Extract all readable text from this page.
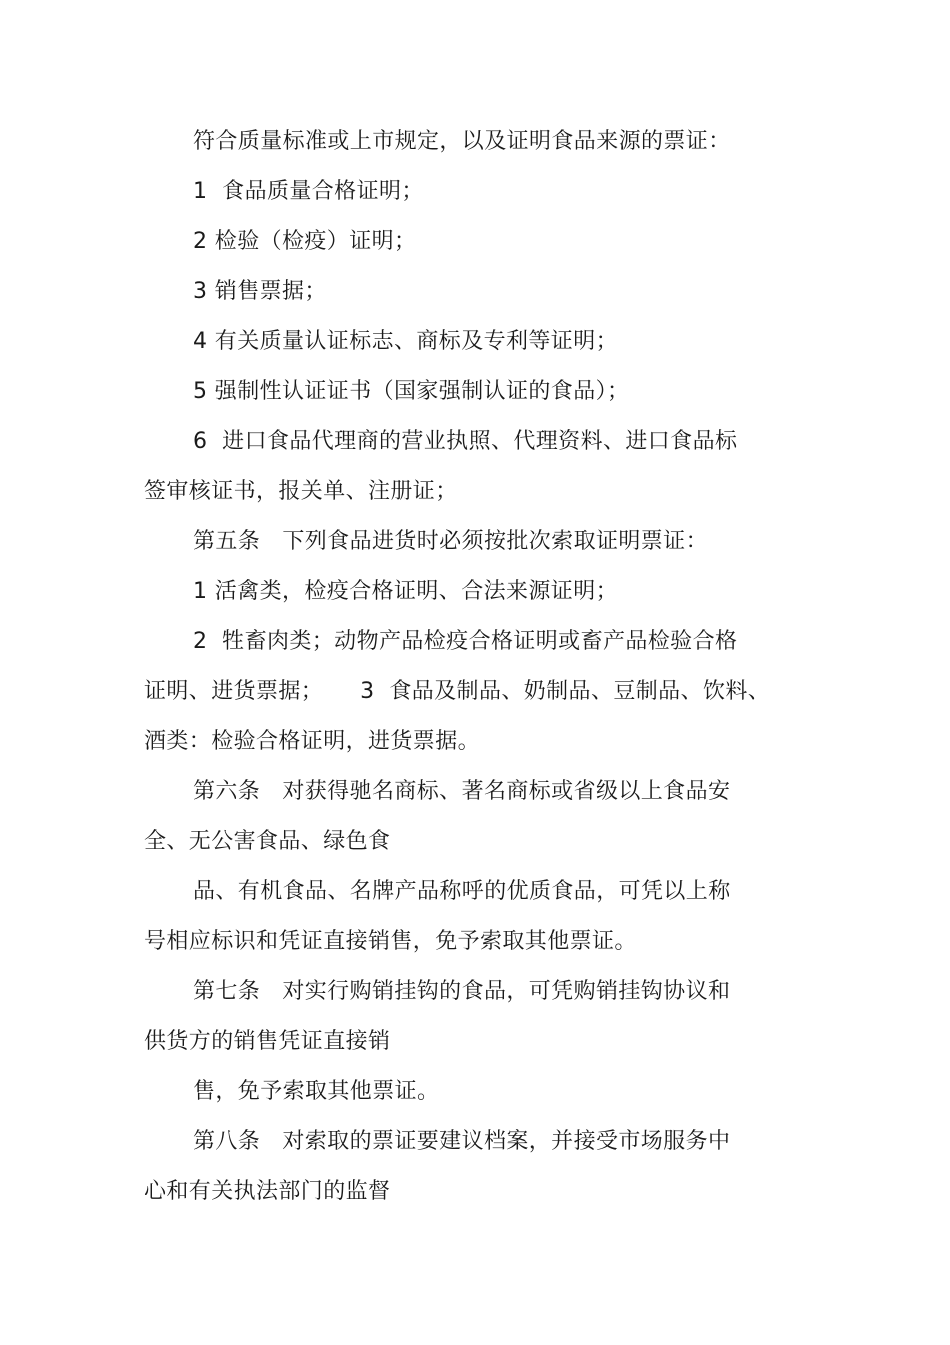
符合质量标准或上市规定，以及证明食品来源的票证：

1  食品质量合格证明；

2 检验（检疫）证明；

3 销售票据；

4 有关质量认证标志、商标及专利等证明；

5 强制性认证证书（国家强制认证的食品）；

6  进口食品代理商的营业执照、代理资料、进口食品标

签审核证书，报关单、注册证；

第五条   下列食品进货时必须按批次索取证明票证：

1 活禽类，检疫合格证明、合法来源证明；

2  牲畜肉类；动物产品检疫合格证明或畜产品检验合格

证明、进货票据；     3  食品及制品、奶制品、豆制品、饮料、

酒类：检验合格证明，进货票据。

第六条   对获得驰名商标、著名商标或省级以上食品安

全、无公害食品、绿色食

品、有机食品、名牌产品称呼的优质食品，可凭以上称

号相应标识和凭证直接销售，免予索取其他票证。

第七条   对实行购销挂钩的食品，可凭购销挂钩协议和

供货方的销售凭证直接销

售，免予索取其他票证。

第八条   对索取的票证要建议档案，并接受市场服务中

心和有关执法部门的监督
